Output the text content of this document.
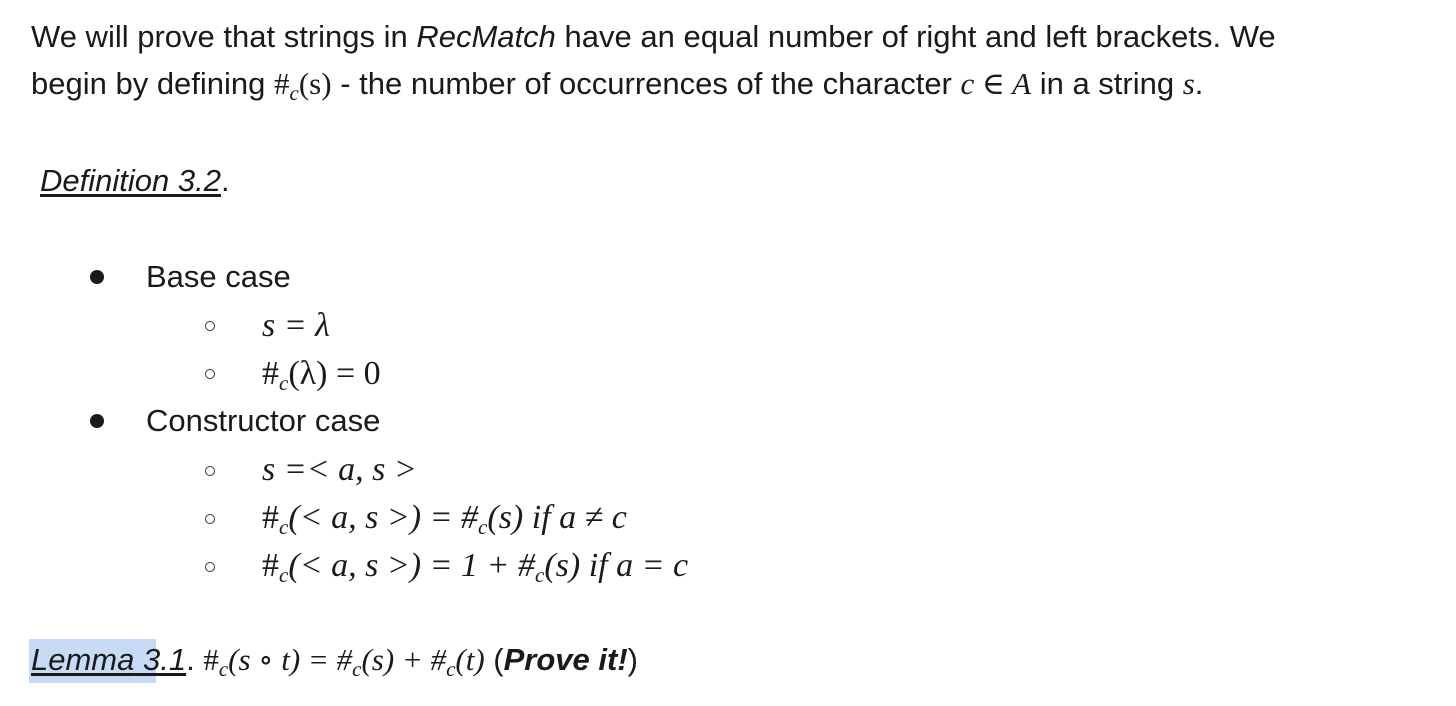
We will prove that strings in RecMatch have an equal number of right and left brackets. We
begin by defining $\#_c(s)$ - the number of occurrences of the character c ∈ A in a string s.
Definition 3.2.
Base case
s = λ
$\#_c(\lambda) = 0$
Constructor case
s =< a, s >
$\#_c(< a$, s >) = $\#_c(s)$ if a ≠ c
$\#_c(< a$, s >) = $1 + \#_c(s)$ if a = c
Lemma 3.1. $\#_c(s$ ∘ $t) = \#_c(s)$ + $\#_c(t)$ (Prove it!)
